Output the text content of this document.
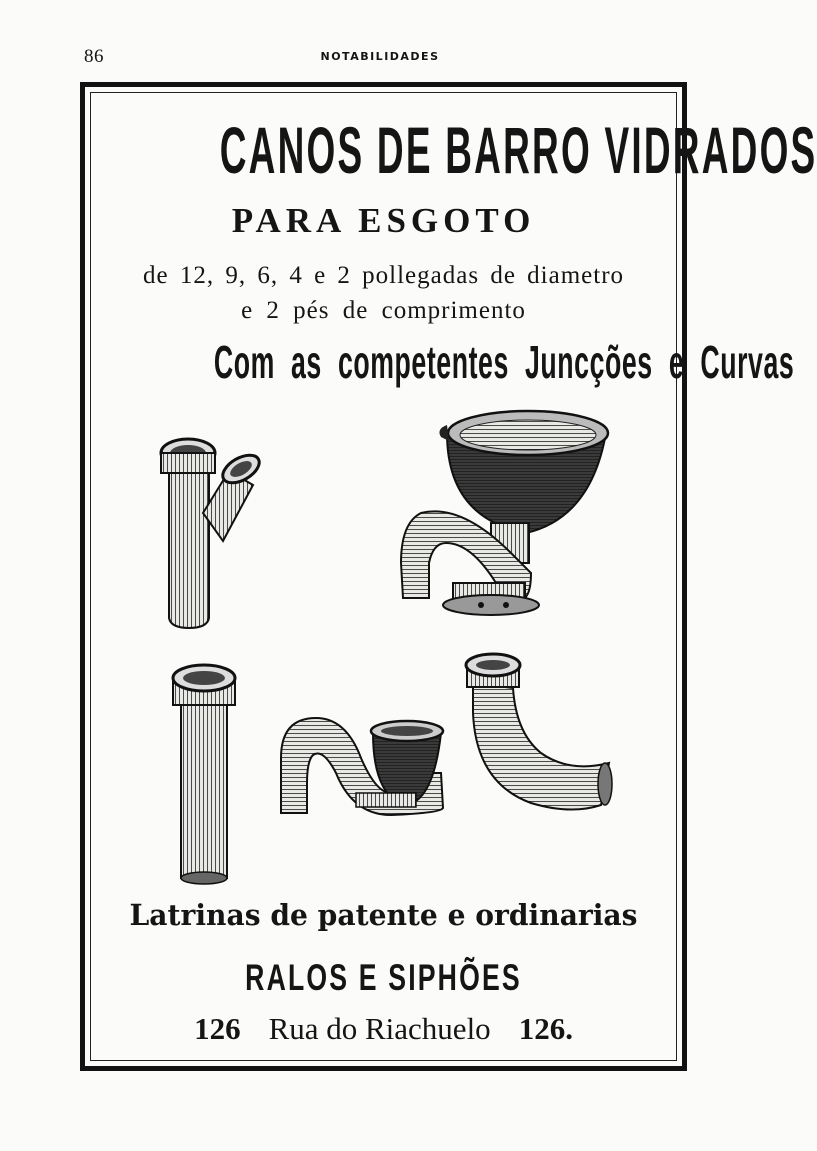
86	NOTABILIDADES
CANOS DE BARRO VIDRADOS
PARA ESGOTO
de 12, 9, 6, 4 e 2 pollegadas de diametro
e 2 pés de comprimento
Com as competentes Juncções e Curvas
Latrinas de patente e ordinarias
RALOS E SIPHÕES
126 Rua do Riachuelo 126.
